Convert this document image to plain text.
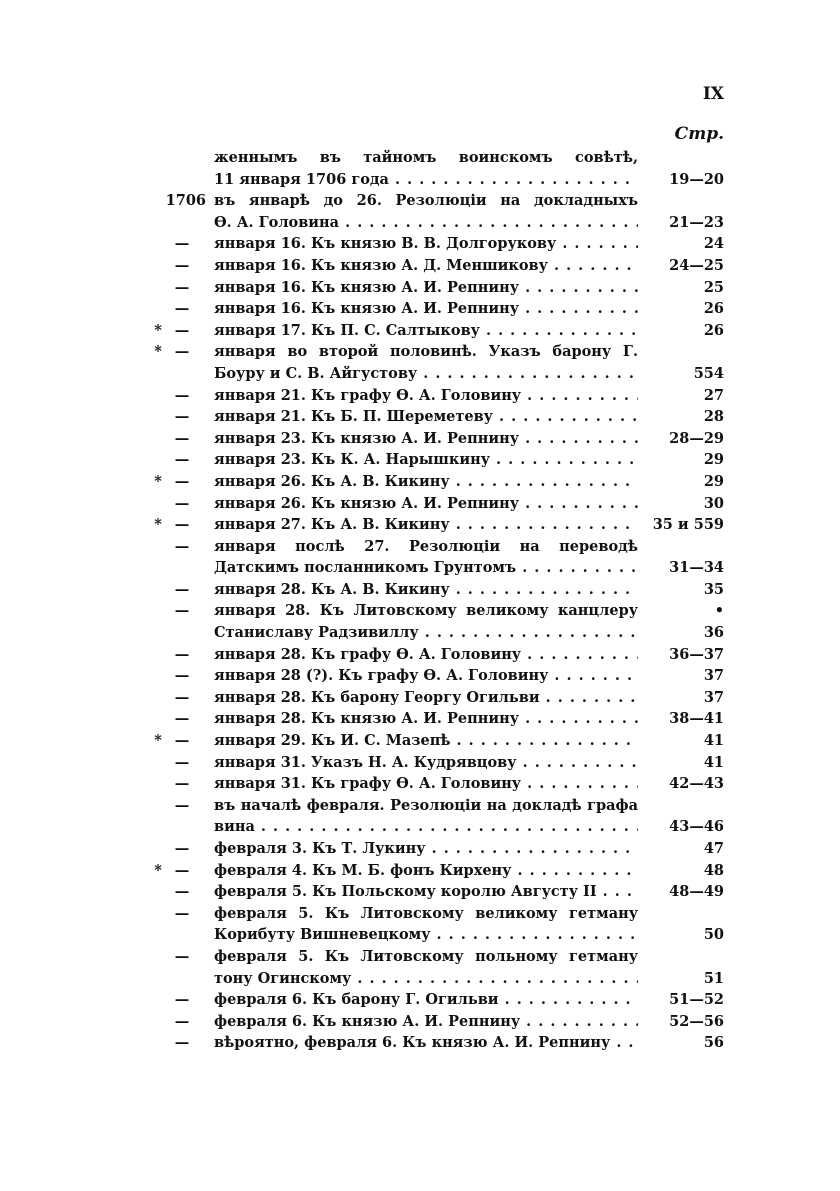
IX
Стр.
женнымъ въ тайномъ воинскомъ совѣтѣ,
11 января 1706 года . . .	19—20
1706 въ январѣ до 26. Резолюціи на докладныхъ
Ѳ. А. Головина . . .	21—23
—	января 16. Къ князю В. В. Долгорукову . . .	24
—	января 16. Къ князю А. Д. Меншикову . . .	24—25
—	января 16. Къ князю А. И. Репнину . . .	25
—	января 16. Къ князю А. И. Репнину . . .	26
* —	января 17. Къ П. С. Салтыкову . . .	26
* —	января во второй половинѣ. Указъ барону Г.
Боуру и С. В. Айгустову . . .	554
—	января 21. Къ графу Ѳ. А. Головину . . .	27
—	января 21. Къ Б. П. Шереметеву . . .	28
—	января 23. Къ князю А. И. Репнину . . .	28—29
—	января 23. Къ К. А. Нарышкину . . .	29
* —	января 26. Къ А. В. Кикину . . .	29
—	января 26. Къ князю А. И. Репнину . . .	30
* —	января 27. Къ А. В. Кикину . . .	35 и 559
—	января послѣ 27. Резолюціи на переводѣ
Датскимъ посланникомъ Грунтомъ . . .	31—34
—	января 28. Къ А. В. Кикину . . .	35
—	января 28. Къ Литовскому великому канцлеру	•
Станиславу Радзивиллу . . .	36
—	января 28. Къ графу Ѳ. А. Головину . . .	36—37
—	января 28 (?). Къ графу Ѳ. А. Головину . . .	37
—	января 28. Къ барону Георгу Огильви . . .	37
—	января 28. Къ князю А. И. Репнину . . .	38—41
* —	января 29. Къ И. С. Мазепѣ . . .	41
—	января 31. Указъ Н. А. Кудрявцову . . .	41
—	января 31. Къ графу Ѳ. А. Головину . . .	42—43
—	въ началѣ февраля. Резолюціи на докладѣ графа
вина . . .	43—46
—	февраля 3. Къ Т. Лукину . . .	47
* —	февраля 4. Къ М. Б. фонъ Кирхену . . .	48
—	февраля 5. Къ Польскому королю Августу II . . .	48—49
—	февраля 5. Къ Литовскому великому гетману
Корибуту Вишневецкому . . .	50
—	февраля 5. Къ Литовскому польному гетману
тону Огинскому . . .	51
—	февраля 6. Къ барону Г. Огильви . . .	51—52
—	февраля 6. Къ князю А. И. Репнину . . .	52—56
—	вѣроятно, февраля 6. Къ князю А. И. Репнину . . .	56
